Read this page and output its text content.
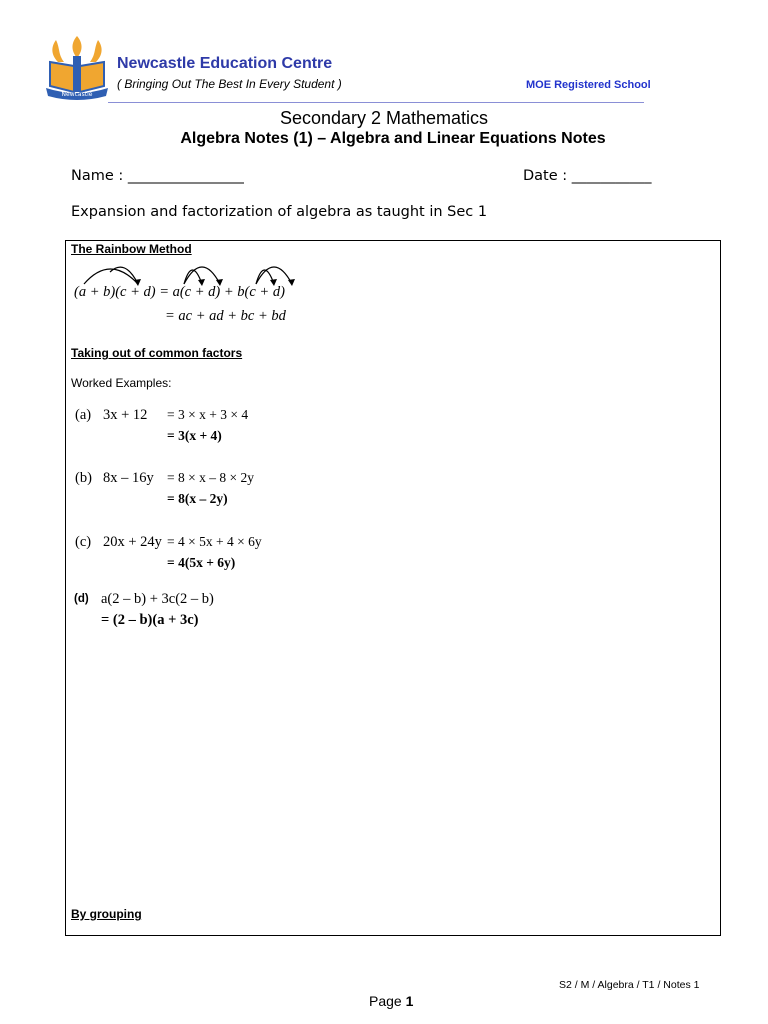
Newcastle
Newcastle Education Centre
( Bringing Out The Best In Every Student )	MOE Registered School
Secondary 2 Mathematics
Algebra Notes (1) – Algebra and Linear Equations Notes
Name : ________________	Date : ___________
Expansion and factorization of algebra as taught in Sec 1
The Rainbow Method
(a + b)(c + d) = a(c + d) + b(c + d)
= ac + ad + bc + bd
Taking out of common factors
Worked Examples:
(a) 3x + 12 = 3 × x + 3 × 4
= 3(x + 4)
(b) 8x – 16y = 8 × x – 8 × 2y
= 8(x – 2y)
(c) 20x + 24y = 4 × 5x + 4 × 6y
= 4(5x + 6y)
(d) a(2 – b) + 3c(2 – b)
= (2 – b)(a + 3c)
By grouping
S2 / M / Algebra / T1 / Notes 1
Page 1
